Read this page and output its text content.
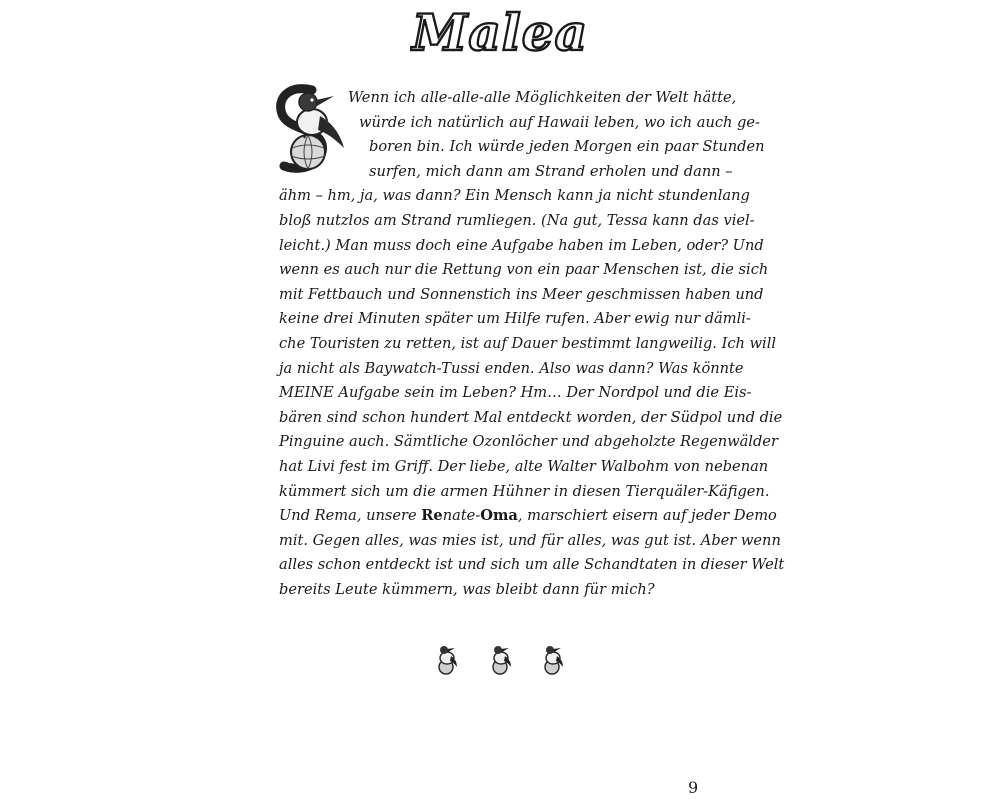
Malea
Wenn ich alle-alle-alle Möglichkeiten der Welt hätte,
würde ich natürlich auf Hawaii leben, wo ich auch ge-
boren bin. Ich würde jeden Morgen ein paar Stunden
surfen, mich dann am Strand erholen und dann –
ähm – hm, ja, was dann? Ein Mensch kann ja nicht stundenlang
bloß nutzlos am Strand rumliegen. (Na gut, Tessa kann das viel-
leicht.) Man muss doch eine Aufgabe haben im Leben, oder? Und
wenn es auch nur die Rettung von ein paar Menschen ist, die sich
mit Fettbauch und Sonnenstich ins Meer geschmissen haben und
keine drei Minuten später um Hilfe rufen. Aber ewig nur dämli-
che Touristen zu retten, ist auf Dauer bestimmt langweilig. Ich will
ja nicht als Baywatch-Tussi enden. Also was dann? Was könnte
MEINE Aufgabe sein im Leben? Hm… Der Nordpol und die Eis-
bären sind schon hundert Mal entdeckt worden, der Südpol und die
Pinguine auch. Sämtliche Ozonlöcher und abgeholzte Regenwälder
hat Livi fest im Griff. Der liebe, alte Walter Walbohm von nebenan
kümmert sich um die armen Hühner in diesen Tierquäler-Käfigen.
Und Rema, unsere Renate-Oma, marschiert eisern auf jeder Demo
mit. Gegen alles, was mies ist, und für alles, was gut ist. Aber wenn
alles schon entdeckt ist und sich um alle Schandtaten in dieser Welt
bereits Leute kümmern, was bleibt dann für mich?
9
